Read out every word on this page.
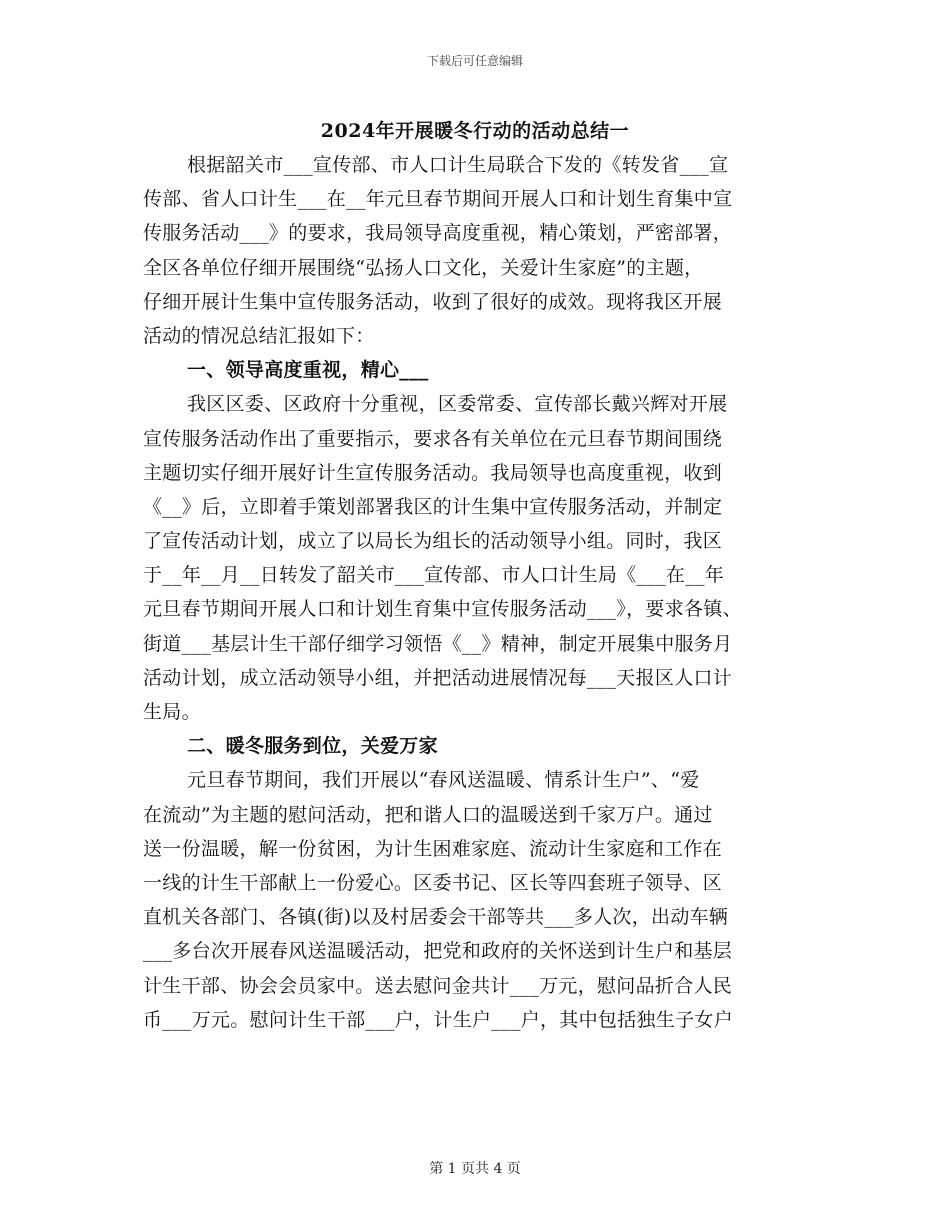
下载后可任意编辑
2024年开展暖冬行动的活动总结一
根据韶关市___宣传部、市人口计生局联合下发的《转发省___宣
传部、省人口计生___在__年元旦春节期间开展人口和计划生育集中宣
传服务活动___》的要求，我局领导高度重视，精心策划，严密部署，
全区各单位仔细开展围绕“弘扬人口文化，关爱计生家庭”的主题，
仔细开展计生集中宣传服务活动，收到了很好的成效。现将我区开展
活动的情况总结汇报如下：
一、领导高度重视，精心___
我区区委、区政府十分重视，区委常委、宣传部长戴兴辉对开展
宣传服务活动作出了重要指示，要求各有关单位在元旦春节期间围绕
主题切实仔细开展好计生宣传服务活动。我局领导也高度重视，收到
《__》后，立即着手策划部署我区的计生集中宣传服务活动，并制定
了宣传活动计划，成立了以局长为组长的活动领导小组。同时，我区
于__年__月__日转发了韶关市___宣传部、市人口计生局《___在__年
元旦春节期间开展人口和计划生育集中宣传服务活动___》，要求各镇、
街道___基层计生干部仔细学习领悟《__》精神，制定开展集中服务月
活动计划，成立活动领导小组，并把活动进展情况每___天报区人口计
生局。
二、暖冬服务到位，关爱万家
元旦春节期间，我们开展以“春风送温暖、情系计生户”、“爱
在流动”为主题的慰问活动，把和谐人口的温暖送到千家万户。通过
送一份温暖，解一份贫困，为计生困难家庭、流动计生家庭和工作在
一线的计生干部献上一份爱心。区委书记、区长等四套班子领导、区
直机关各部门、各镇(街)以及村居委会干部等共___多人次，出动车辆
___多台次开展春风送温暖活动，把党和政府的关怀送到计生户和基层
计生干部、协会会员家中。送去慰问金共计___万元，慰问品折合人民
币___万元。慰问计生干部___户，计生户___户，其中包括独生子女户
第 1 页共 4 页
